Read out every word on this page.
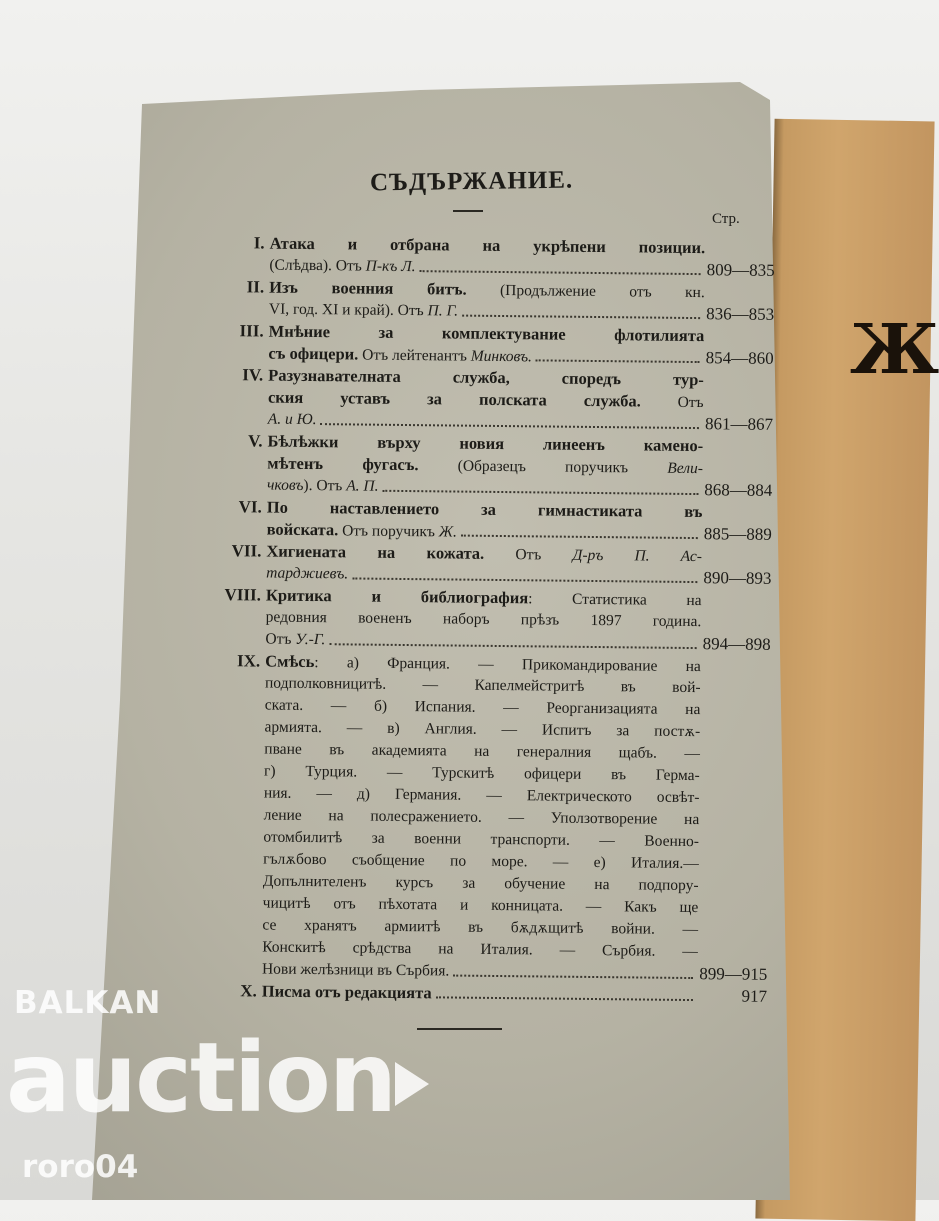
Ж
СЪДЪРЖАНИЕ.
Стр.
I. Атака и отбрана на укрѣпени позиции.
(Слѣдва). Отъ П-къ Л.	809—835
II. Изъ военния битъ. (Продължение отъ кн.
VI, год. XI и край). Отъ П. Г.	836—853
III. Мнѣние за комплектувание флотилията
съ офицери. Отъ лейтенантъ Минковъ.	854—860
IV. Разузнавателната служба, споредъ тур-
ския уставъ за полската служба. Отъ
А. и Ю.	861—867
V. Бѣлѣжки върху новия линеенъ камено-
мѣтенъ фугасъ. (Образецъ поручикъ Вели-
чковъ). Отъ А. П.	868—884
VI. По наставлението за гимнастиката въ
войската. Отъ поручикъ Ж.	885—889
VII. Хигиената на кожата. Отъ Д-ръ П. Ас-
тарджиевъ.	890—893
VIII. Критика и библиография: Статистика на
редовния воененъ наборъ прѣзъ 1897 година.
Отъ У.-Г.	894—898
IX. Смѣсь: а) Франция. — Прикомандирование на
подполковницитѣ. — Капелмейстритѣ въ вой-
ската. — б) Испания. — Реорганизацията на
армията. — в) Англия. — Испитъ за постѫ-
пване въ академията на генералния щабъ. —
г) Турция. — Турскитѣ офицери въ Герма-
ния. — д) Германия. — Електрическото освѣт-
ление на полесражението. — Уползотворение на
отомбилитѣ за военни транспорти. — Военно-
гълѫбово съобщение по море. — е) Италия.—
Допълнителенъ курсъ за обучение на подпору-
чицитѣ отъ пѣхотата и конницата. — Какъ ще
се хранятъ армиитѣ въ бѫдѫщитѣ войни. —
Конскитѣ срѣдства на Италия. — Сърбия. —
Нови желѣзници въ Сърбия.	899—915
X. Писма отъ редакцията	917
BALKAN
auction
roro04
